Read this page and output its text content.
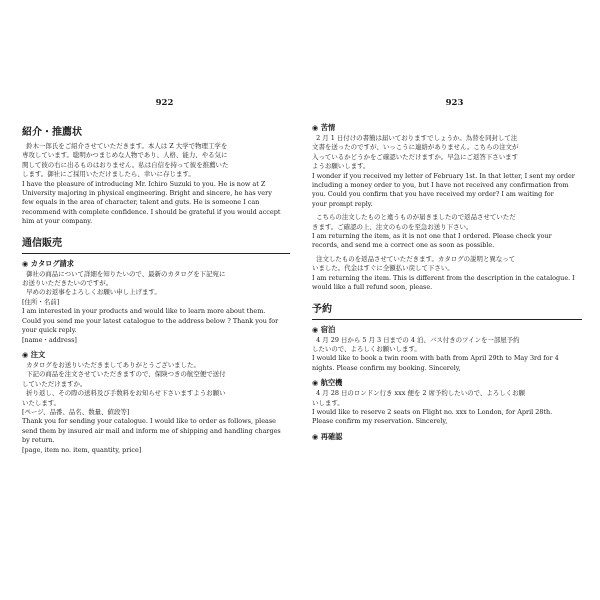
922
紹介・推薦状

鈴木一郎氏をご紹介させていただきます。本人は Z 大学で物理工学を
専攻しています。聡明かつまじめな人物であり、人格、能力、やる気に
関して彼の右に出るものはおりません。私は自信を持って彼を推薦いた
します。御社にご採用いただけましたら、幸いに存じます。

I have the pleasure of introducing Mr. Ichiro Suzuki to you. He is now at Z
University majoring in physical engineering. Bright and sincere, he has very
few equals in the area of character, talent and guts. He is someone I can
recommend with complete confidence. I should be grateful if you would accept
him at your company.

通信販売
◉ カタログ請求

御社の商品について詳細を知りたいので、最新のカタログを下記宛に
お送りいただきたいのですが。
早めのお返事をよろしくお願い申し上げます。
[住所・名前]

I am interested in your products and would like to learn more about them.
Could you send me your latest catalogue to the address below ? Thank you for
your quick reply.
[name・address]

◉ 注文

カタログをお送りいただきましてありがとうございました。
下記の商品を注文させていただきますので、保険つきの航空便で送付
していただけますか。
折り返し、その際の送料及び手数料をお知らせ下さいますようお願い
いたします。
[ページ、品番、品名、数量、値段等]

Thank you for sending your catalogue. I would like to order as follows, please
send them by insured air mail and inform me of shipping and handling charges
by return.
[page, item no. item, quantity, price]

923
◉ 苦情

2 月 1 日付けの書簡は届いておりますでしょうか。為替を同封して注
文書を送ったのですが、いっこうに連絡がありません。こちらの注文が
入っているかどうかをご確認いただけますか。早急にご返答下さいます
ようお願いします。

I wonder if you received my letter of February 1st. In that letter, I sent my order
including a money order to you, but I have not received any confirmation from
you. Could you confirm that you have received my order? I am waiting for
your prompt reply.

こちらの注文したものと違うものが届きましたので返品させていただ
きます。ご確認の上、注文のものを至急お送り下さい。

I am returning the item, as it is not one that I ordered. Please check your
records, and send me a correct one as soon as possible.

注文したものを返品させていただきます。カタログの説明と異なって
いました。代金はすぐに全額払い戻して下さい。

I am returning the item. This is different from the description in the catalogue. I
would like a full refund soon, please.

予約
◉ 宿泊

4 月 29 日から 5 月 3 日までの 4 泊、バス付きのツインを一部屋予約
したいので、よろしくお願いします。

I would like to book a twin room with bath from April 29th to May 3rd for 4
nights. Please confirm my booking. Sincerely,

◉ 航空機

4 月 28 日のロンドン行き xxx 便を 2 席予約したいので、よろしくお願
いします。

I would like to reserve 2 seats on Flight no. xxx to London, for April 28th.
Please confirm my reservation. Sincerely,

◉ 再確認
